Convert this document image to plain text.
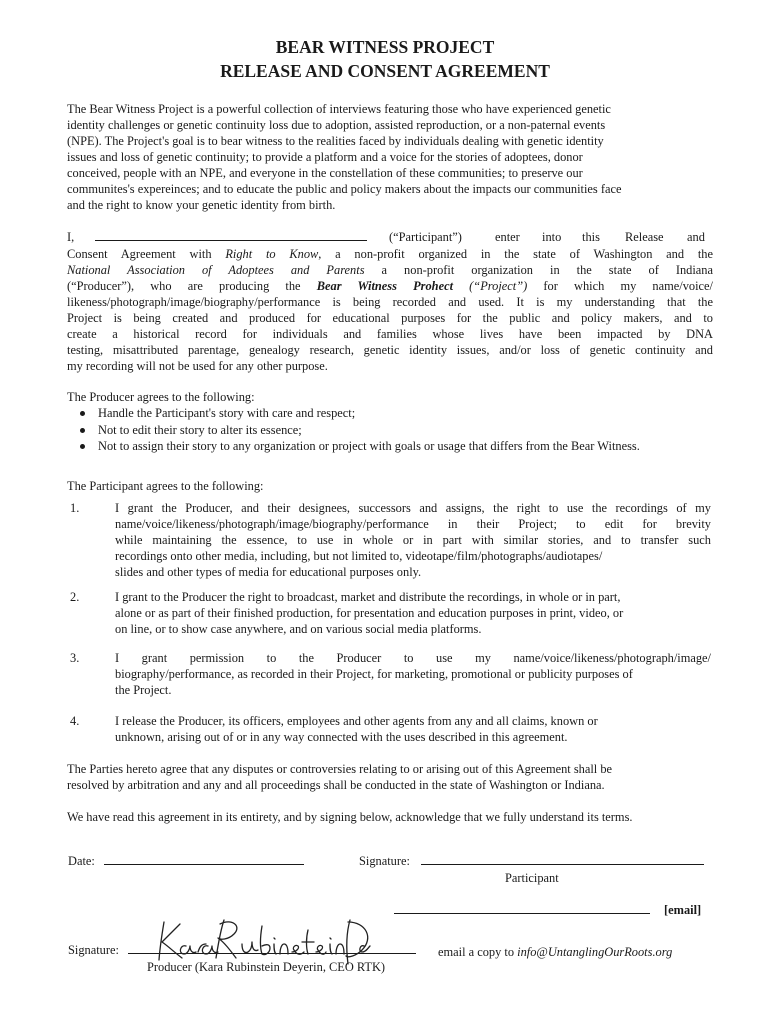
BEAR WITNESS PROJECT
RELEASE AND CONSENT AGREEMENT
The Bear Witness Project is a powerful collection of interviews featuring those who have experienced genetic
identity challenges or genetic continuity loss due to adoption, assisted reproduction, or a non-paternal events
(NPE). The Project's goal is to bear witness to the realities faced by individuals dealing with genetic identity
issues and loss of genetic continuity; to provide a platform and a voice for the stories of adoptees, donor
conceived, people with an NPE, and everyone in the constellation of these communities; to preserve our
communites's expereinces; and to educate the public and policy makers about the impacts our communities face
and the right to know your genetic identity from birth.
I,	(“Participant”)	enter into this Release and
Consent Agreement with Right to Know, a non-profit organized in the state of Washington and the
National Association of Adoptees and Parents a non-profit organization in the state of Indiana
(“Producer”), who are producing the Bear Witness Prohect (“Project”) for which my name/voice/
likeness/photograph/image/biography/performance is being recorded and used. It is my understanding that the
Project is being created and produced for educational purposes for the public and policy makers, and to
create a historical record for individuals and families whose lives have been impacted by DNA
testing, misattributed parentage, genealogy research, genetic identity issues, and/or loss of genetic continuity and
my recording will not be used for any other purpose.
The Producer agrees to the following:
Handle the Participant's story with care and respect;
Not to edit their story to alter its essence;
Not to assign their story to any organization or project with goals or usage that differs from the Bear Witness.
The Participant agrees to the following:
1.	I grant the Producer, and their designees, successors and assigns, the right to use the recordings of my
name/voice/likeness/photograph/image/biography/performance in their Project; to edit for brevity
while maintaining the essence, to use in whole or in part with similar stories, and to transfer such
recordings onto other media, including, but not limited to, videotape/film/photographs/audiotapes/
slides and other types of media for educational purposes only.
2.	I grant to the Producer the right to broadcast, market and distribute the recordings, in whole or in part,
alone or as part of their finished production, for presentation and education purposes in print, video, or
on line, or to show case anywhere, and on various social media platforms.
3.	I grant permission to the Producer to use my name/voice/likeness/photograph/image/
biography/performance, as recorded in their Project, for marketing, promotional or publicity purposes of
the Project.
4.	I release the Producer, its officers, employees and other agents from any and all claims, known or
unknown, arising out of or in any way connected with the uses described in this agreement.
The Parties hereto agree that any disputes or controversies relating to or arising out of this Agreement shall be
resolved by arbitration and any and all proceedings shall be conducted in the state of Washington or Indiana.
We have read this agreement in its entirety, and by signing below, acknowledge that we fully understand its terms.
Date:	Signature:
Participant
[email]
Signature:
Producer (Kara Rubinstein Deyerin, CEO RTK)
email a copy to info@UntanglingOurRoots.org
